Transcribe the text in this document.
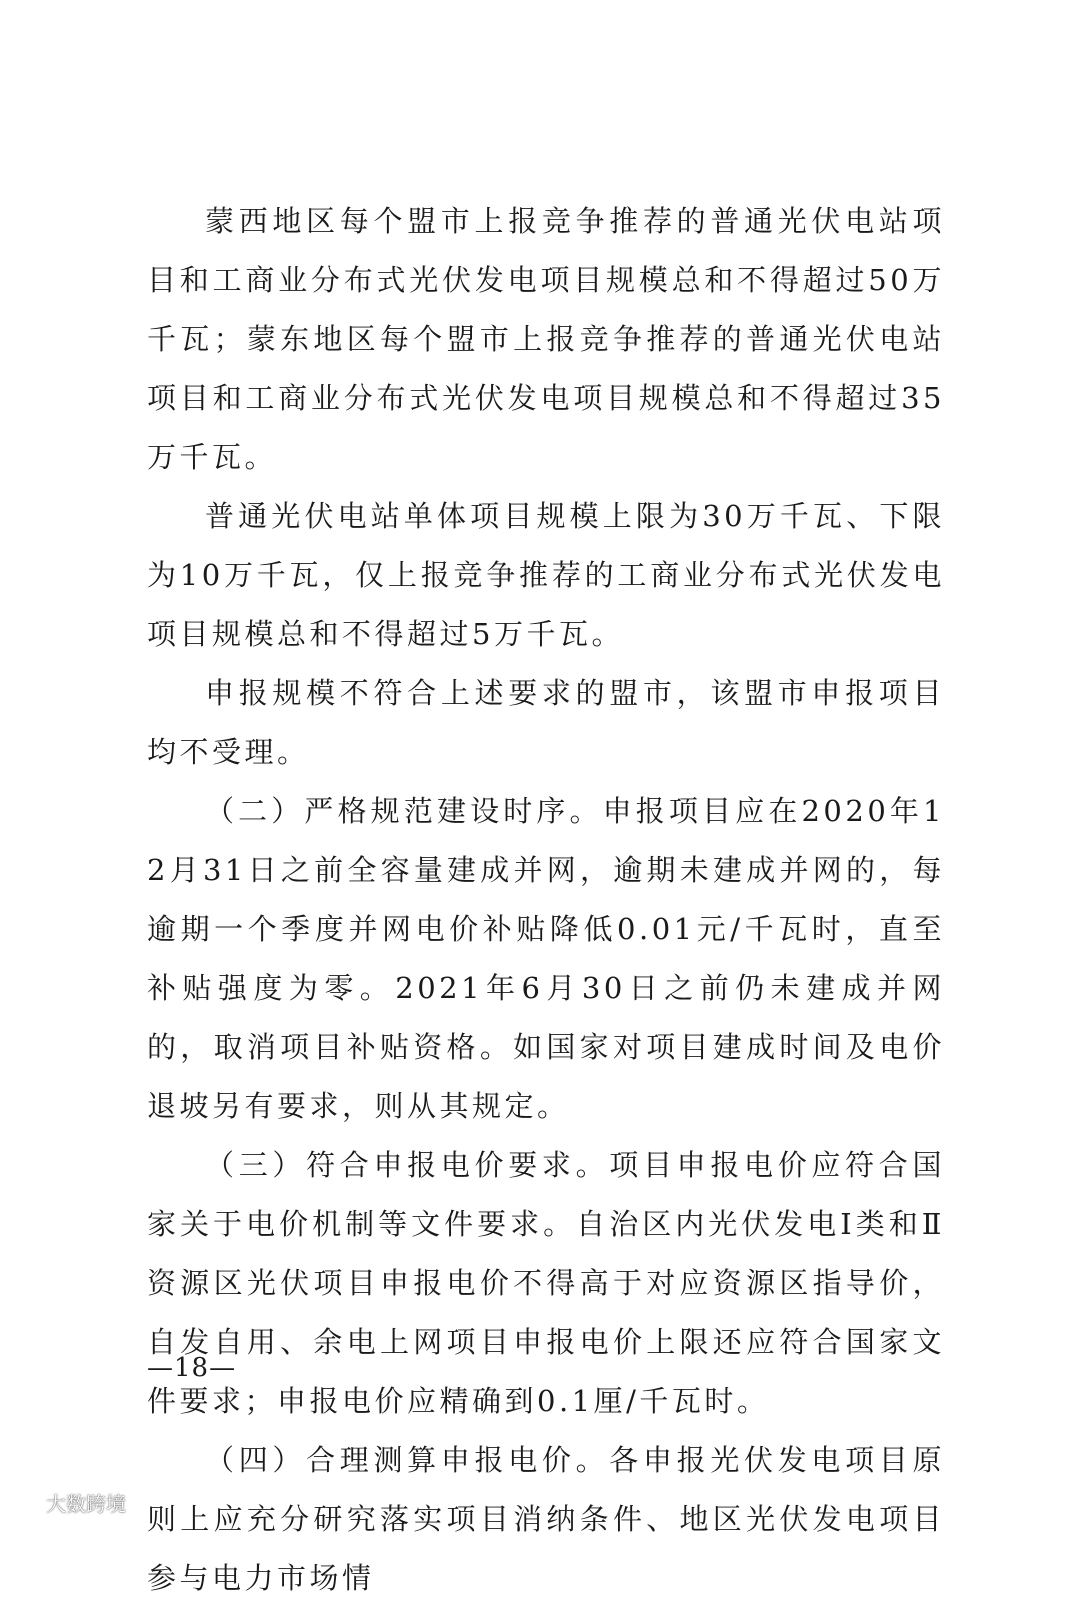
蒙西地区每个盟市上报竞争推荐的普通光伏电站项目和工商业分布式光伏发电项目规模总和不得超过50万千瓦；蒙东地区每个盟市上报竞争推荐的普通光伏电站项目和工商业分布式光伏发电项目规模总和不得超过35万千瓦。

普通光伏电站单体项目规模上限为30万千瓦、下限为10万千瓦，仅上报竞争推荐的工商业分布式光伏发电项目规模总和不得超过5万千瓦。

申报规模不符合上述要求的盟市，该盟市申报项目均不受理。

（二）严格规范建设时序。申报项目应在2020年12月31日之前全容量建成并网，逾期未建成并网的，每逾期一个季度并网电价补贴降低0.01元/千瓦时，直至补贴强度为零。2021年6月30日之前仍未建成并网的，取消项目补贴资格。如国家对项目建成时间及电价退坡另有要求，则从其规定。

（三）符合申报电价要求。项目申报电价应符合国家关于电价机制等文件要求。自治区内光伏发电Ⅰ类和Ⅱ资源区光伏项目申报电价不得高于对应资源区指导价，自发自用、余电上网项目申报电价上限还应符合国家文件要求；申报电价应精确到0.1厘/千瓦时。

（四）合理测算申报电价。各申报光伏发电项目原则上应充分研究落实项目消纳条件、地区光伏发电项目参与电力市场情

—18—
大数跨境
